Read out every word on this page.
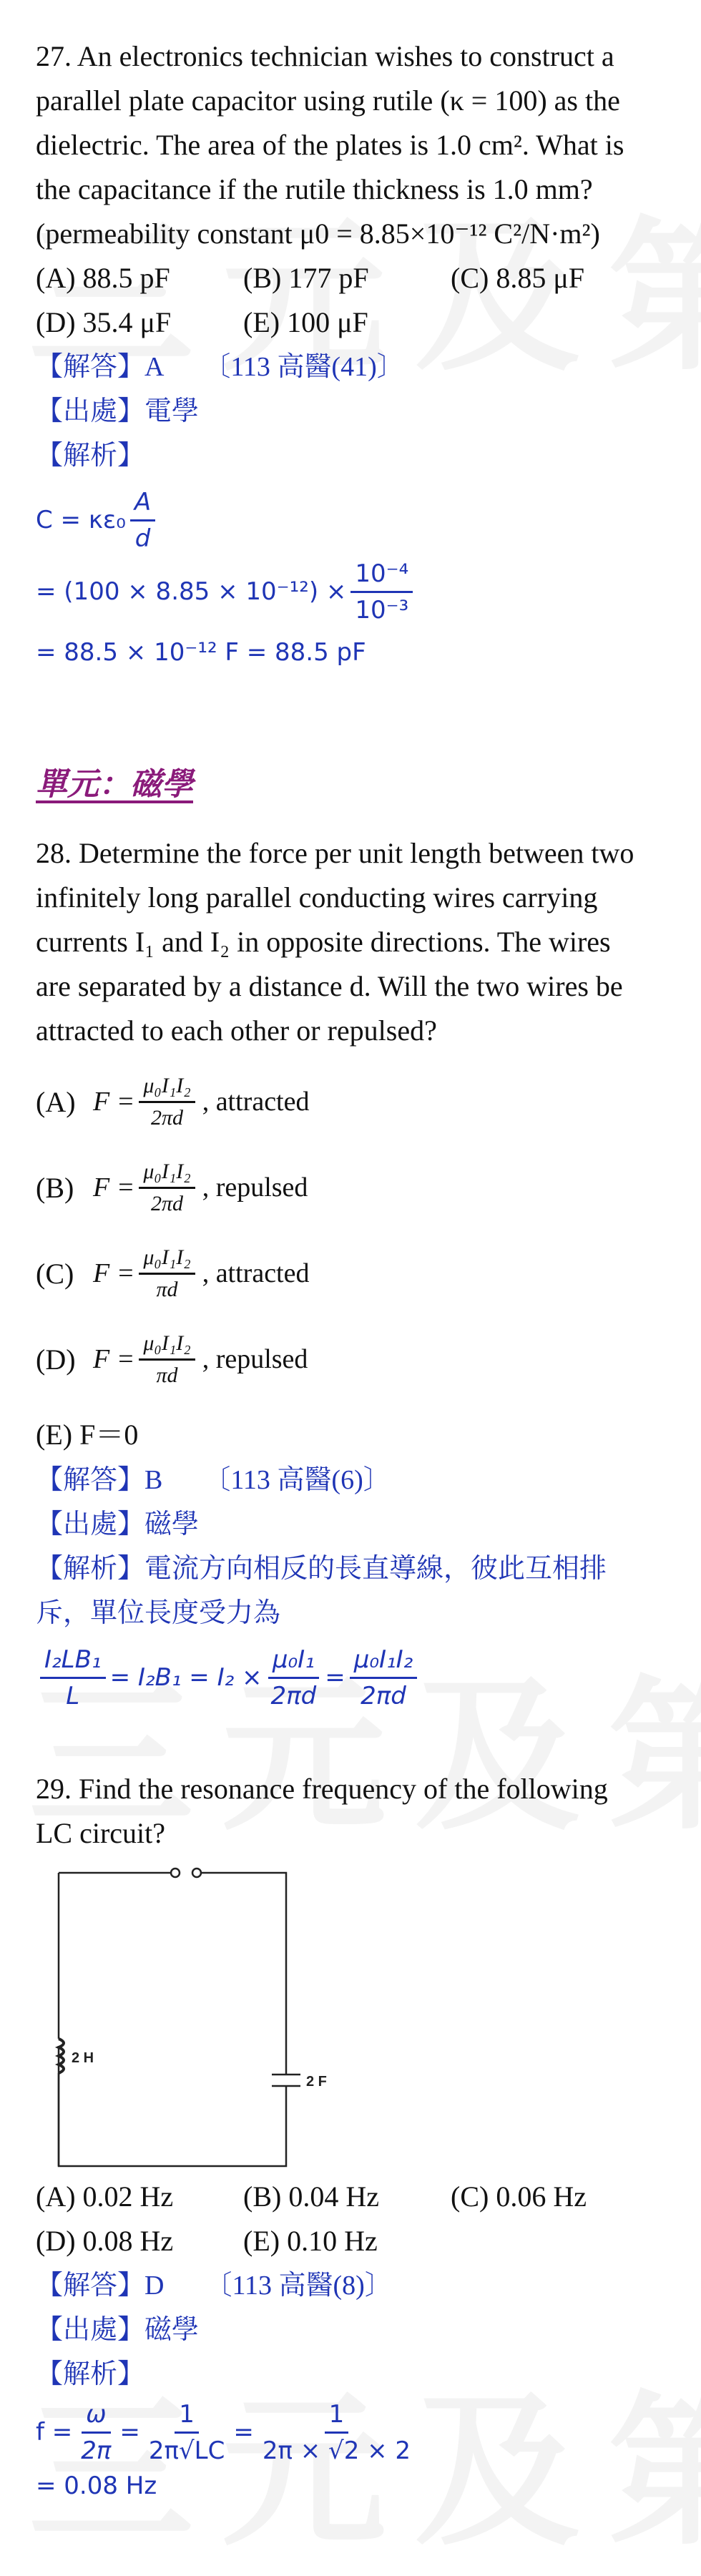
27. An electronics technician wishes to construct a
parallel plate capacitor using rutile (κ = 100) as the
dielectric. The area of the plates is 1.0 cm². What is
the capacitance if the rutile thickness is 1.0 mm?
(permeability constant μ0 = 8.85×10⁻¹² C²/N·m²)
(A) 88.5 pF	(B) 177 pF	(C) 8.85 μF
(D) 35.4 μF	(E) 100 μF
【解答】A　　〔113 高醫(41)〕
【出處】電學
【解析】
$C = \kappa\varepsilon_0 \frac{A}{d}$
= $(100 \times 8.85 \times 10^{-12}) \times \frac{\text{10⁻⁴}}{\text{10⁻³}}$
= 88.5 × 10⁻¹² F = 88.5 pF
單元：磁學
28. Determine the force per unit length between two
infinitely long parallel conducting wires carrying
currents I₁ and I₂ in opposite directions. The wires
are separated by a distance d. Will the two wires be
attracted to each other or repulsed?
(A) $F = \frac{\text{μ₀I₁I₂}}{2\pi d}$ , attracted
(B) $F = \frac{\text{μ₀I₁I₂}}{2\pi d}$ , repulsed
(C) $F = \frac{\text{μ₀I₁I₂}}{\pi d}$ , attracted
(D) $F = \frac{\text{μ₀I₁I₂}}{\pi d}$ , repulsed
(E) F＝0
【解答】B　　〔113 高醫(6)〕
【出處】磁學
【解析】電流方向相反的長直導線，彼此互相排
斥，單位長度受力為
$\frac{\text{I₂LB₁}}{L} = I_2B_1 = I_2 \times \frac{\text{μ₀I₁}}{2\pi d} = \frac{\text{μ₀I₁I₂}}{2\pi d}$
29. Find the resonance frequency of the following
LC circuit?
2 H
2 F
(A) 0.02 Hz (B) 0.04 Hz	(C) 0.06 Hz
(D) 0.08 Hz (E) 0.10 Hz
【解答】D　　〔113 高醫(8)〕
【出處】磁學
【解析】
$f = \frac{\omega}{2\pi} = \frac{1}{2\pi√LC} = \frac{1}{2\pi \times √2 \times 2}$
= 0.08 Hz
